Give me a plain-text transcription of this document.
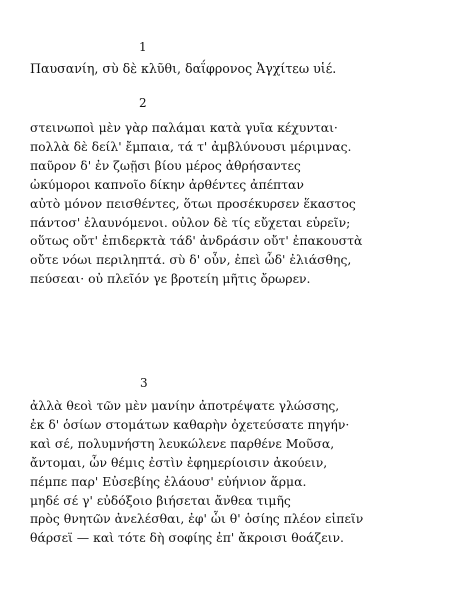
1
Παυσανίη, σὺ δὲ κλῦθι, δαΐφρονος Ἀγχίτεω υἱέ.
2
στεινωποὶ μὲν γὰρ παλάμαι κατὰ γυῖα κέχυνται·
πολλὰ δὲ δείλ' ἔμπαια, τά τ' ἀμβλύνουσι μέριμνας.
παῦρον δ' ἐν ζωῇσι βίου μέρος ἀθρήσαντες
ὠκύμοροι καπνοῖο δίκην ἀρθέντες ἀπέπταν
αὐτὸ μόνον πεισθέντες, ὅτωι προσέκυρσεν ἕκαστος
πάντοσ' ἐλαυνόμενοι. οὐλον δὲ τίς εὔχεται εὑρεῖν;
οὕτως οὔτ' ἐπιδερκτὰ τάδ' ἀνδράσιν οὔτ' ἐπακουστὰ
οὔτε νόωι περιληπτά. σὺ δ' οὖν, ἐπεὶ ὧδ' ἐλιάσθης,
πεύσεαι· οὐ πλεῖόν γε βροτείη μῆτις ὄρωρεν.
3
ἀλλὰ θεοὶ τῶν μὲν μανίην ἀποτρέψατε γλώσσης,
ἐκ δ' ὁσίων στομάτων καθαρὴν ὀχετεύσατε πηγήν·
καὶ σέ, πολυμνήστη λευκώλενε παρθένε Μοῦσα,
ἄντομαι, ὧν θέμις ἐστὶν ἐφημερίοισιν ἀκούειν,
πέμπε παρ' Εὐσεβίης ἐλάουσ' εὐήνιον ἅρμα.
μηδέ σέ γ' εὐδόξοιο βιήσεται ἄνθεα τιμῆς
πρὸς θνητῶν ἀνελέσθαι, ἐφ' ὧι θ' ὁσίης πλέον εἰπεῖν
θάρσεϊ — καὶ τότε δὴ σοφίης ἐπ' ἄκροισι θοάζειν.
